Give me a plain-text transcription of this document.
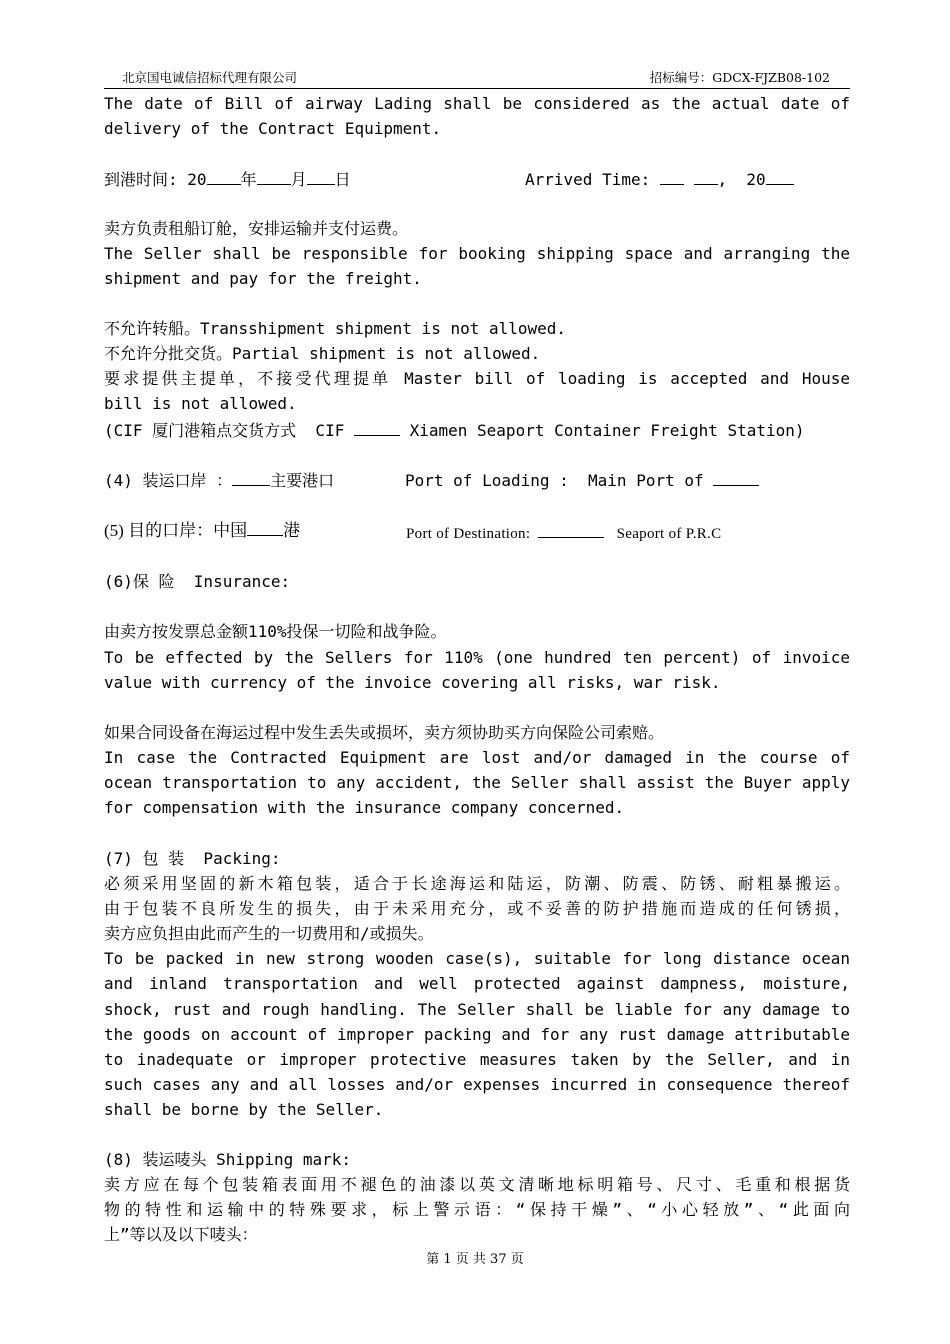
北京国电诚信招标代理有限公司	招标编号：GDCX-FJZB08-102
The date of Bill of airway Lading shall be considered as the actual date of
delivery of the Contract Equipment.
到港时间: 20 年 月 日	Arrived Time:	,  20
卖方负责租船订舱，安排运输并支付运费。
The Seller shall be responsible for booking shipping space and arranging the
shipment and pay for the freight.
不允许转船。Transshipment shipment is not allowed.
不允许分批交货。Partial shipment is not allowed.
要求提供主提单，不接受代理提单 Master bill of loading is accepted and House
bill is not allowed.
(CIF 厦门港箱点交货方式  CIF	Xiamen Seaport Container Freight Station)
(4) 装运口岸 ： 主要港口	Port of Loading :  Main Port of
(5) 目的口岸：中国 港	Port of Destination:	Seaport of P.R.C
(6)保 险  Insurance:
由卖方按发票总金额110%投保一切险和战争险。
To be effected by the Sellers for 110% (one hundred ten percent) of invoice
value with currency of the invoice covering all risks, war risk.
如果合同设备在海运过程中发生丢失或损坏，卖方须协助买方向保险公司索赔。
In case the Contracted Equipment are lost and/or damaged in the course of
ocean transportation to any accident, the Seller shall assist the Buyer apply
for compensation with the insurance company concerned.
(7) 包 装  Packing:
必须采用坚固的新木箱包装，适合于长途海运和陆运，防潮、防震、防锈、耐粗暴搬运。
由于包装不良所发生的损失，由于未采用充分，或不妥善的防护措施而造成的任何锈损，
卖方应负担由此而产生的一切费用和/或损失。
To be packed in new strong wooden case(s), suitable for long distance ocean
and inland transportation and well protected against dampness, moisture,
shock, rust and rough handling. The Seller shall be liable for any damage to
the goods on account of improper packing and for any rust damage attributable
to inadequate or improper protective measures taken by the Seller, and in
such cases any and all losses and/or expenses incurred in consequence thereof
shall be borne by the Seller.
(8) 装运唛头 Shipping mark:
卖方应在每个包装箱表面用不褪色的油漆以英文清晰地标明箱号、尺寸、毛重和根据货
物的特性和运输中的特殊要求，标上警示语：“保持干燥”、“小心轻放”、“此面向
上”等以及以下唛头：
第 1 页 共 37 页
